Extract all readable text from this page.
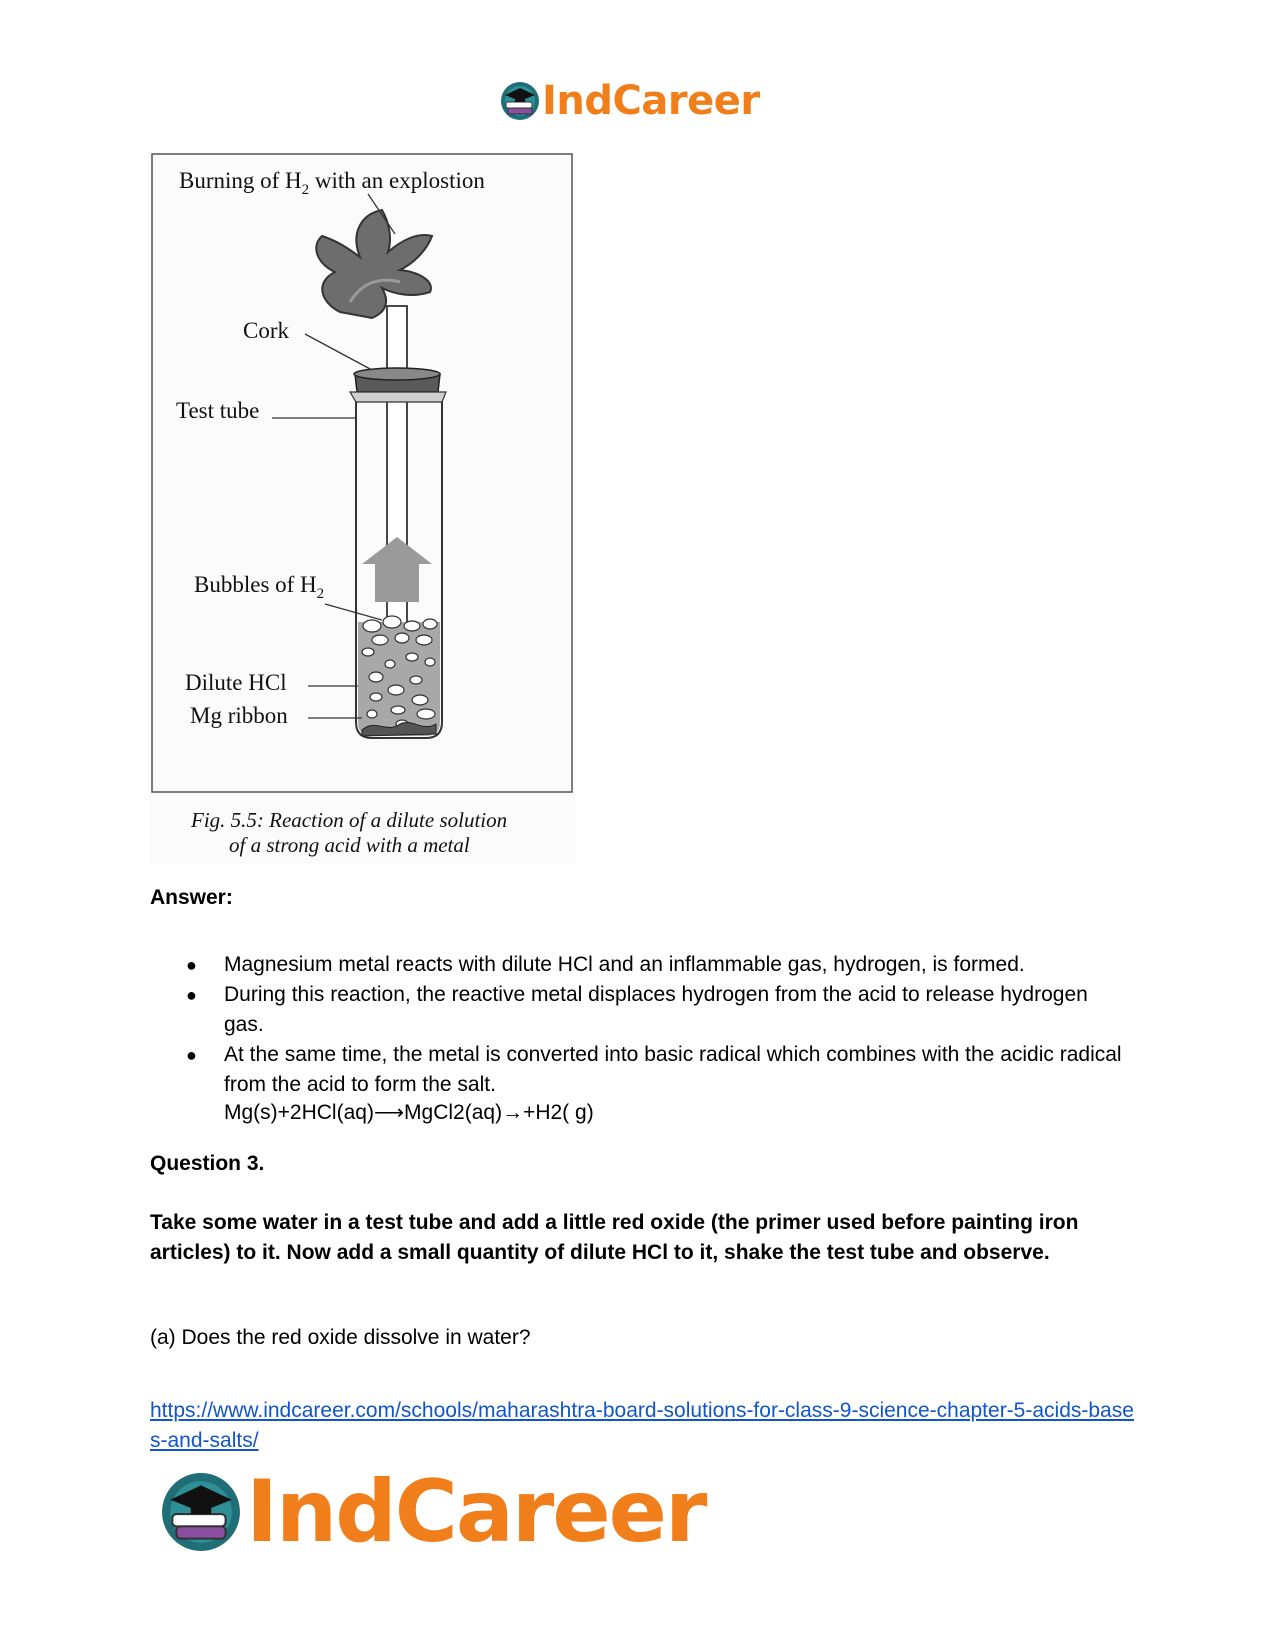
IndCareer
Burning of $H_2$ with an explostion
Cork
Test tube
Bubbles of $H_2$
Dilute HCl
Mg ribbon
Fig. 5.5: Reaction of a dilute solution
of a strong acid with a metal
Answer:
● Magnesium metal reacts with dilute HCl and an inflammable gas, hydrogen, is formed.
● During this reaction, the reactive metal displaces hydrogen from the acid to release hydrogen gas.
● At the same time, the metal is converted into basic radical which combines with the acidic radical from the acid to form the salt.
Mg(s)+2HCl(aq)⟶MgCl2(aq)→+H2( g)
Question 3.
Take some water in a test tube and add a little red oxide (the primer used before painting iron articles) to it. Now add a small quantity of dilute HCl to it, shake the test tube and observe.
(a) Does the red oxide dissolve in water?
https://www.indcareer.com/schools/maharashtra-board-solutions-for-class-9-science-chapter-5-acids-bases-and-salts/
IndCareer
